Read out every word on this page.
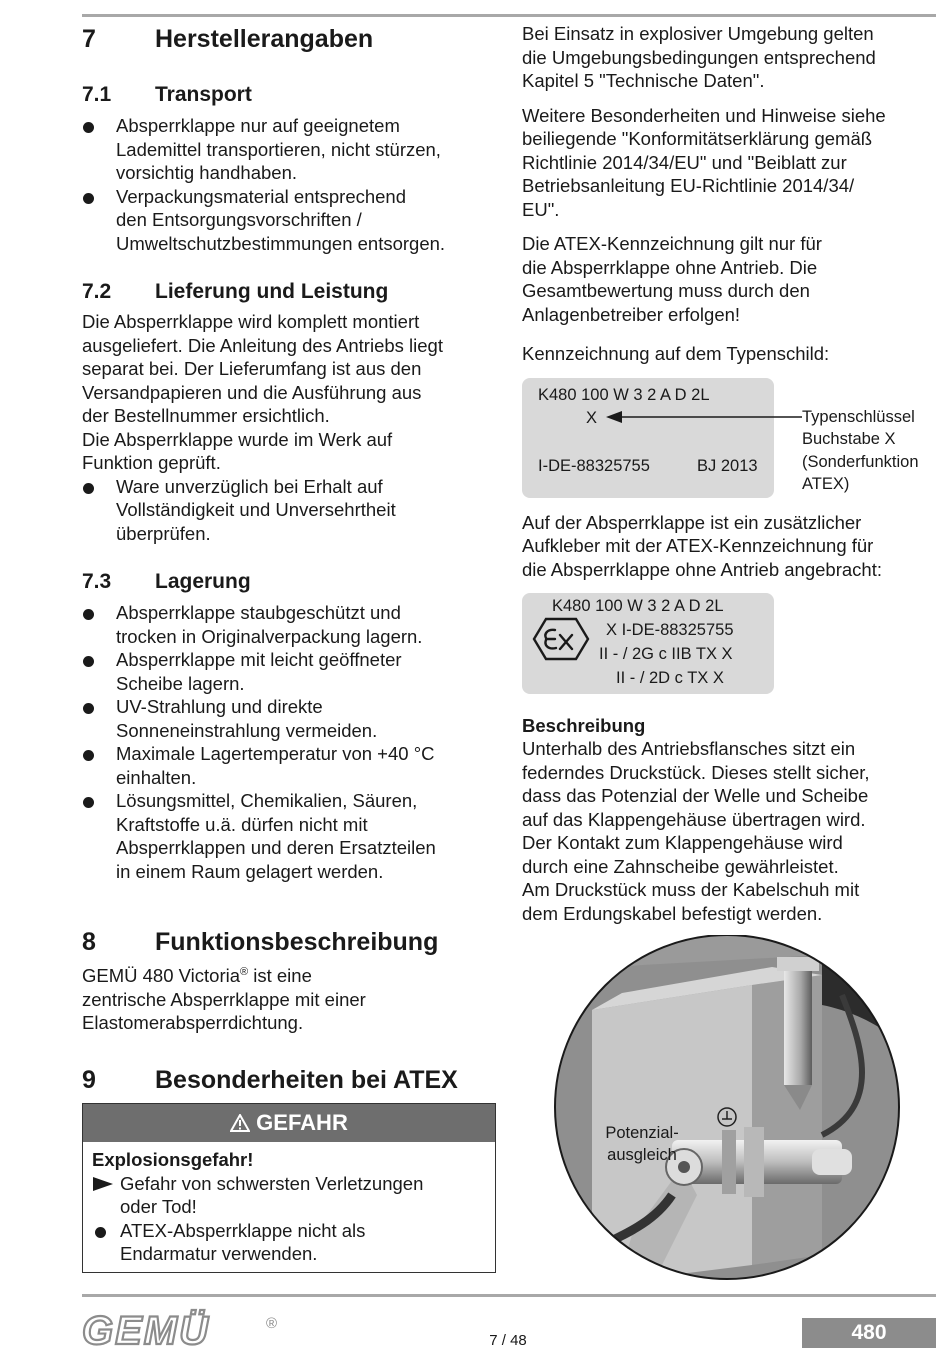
7	Herstellerangaben
7.1	Transport
Absperrklappe nur auf geeignetem
Lademittel transportieren, nicht stürzen,
vorsichtig handhaben.
Verpackungsmaterial entsprechend
den Entsorgungsvorschriften /
Umweltschutzbestimmungen entsorgen.
7.2	Lieferung und Leistung

Die Absperrklappe wird komplett montiert
ausgeliefert. Die Anleitung des Antriebs liegt
separat bei. Der Lieferumfang ist aus den
Versandpapieren und die Ausführung aus
der Bestellnummer ersichtlich.
Die Absperrklappe wurde im Werk auf
Funktion geprüft.

Ware unverzüglich bei Erhalt auf
Vollständigkeit und Unversehrtheit
überprüfen.
7.3	Lagerung
Absperrklappe staubgeschützt und
trocken in Originalverpackung lagern.
Absperrklappe mit leicht geöffneter
Scheibe lagern.
UV-Strahlung und direkte
Sonneneinstrahlung vermeiden.
Maximale Lagertemperatur von +40 °C
einhalten.
Lösungsmittel, Chemikalien, Säuren,
Kraftstoffe u.ä. dürfen nicht mit
Absperrklappen und deren Ersatzteilen
in einem Raum gelagert werden.
8	Funktionsbeschreibung

GEMÜ 480 Victoria® ist eine
zentrische Absperrklappe mit einer
Elastomerabsperrdichtung.

9	Besonderheiten bei ATEX
GEFAHR
Explosionsgefahr!
Gefahr von schwersten Verletzungen
oder Tod!
ATEX-Absperrklappe nicht als
Endarmatur verwenden.

Bei Einsatz in explosiver Umgebung gelten
die Umgebungsbedingungen entsprechend
Kapitel 5 "Technische Daten".

Weitere Besonderheiten und Hinweise siehe
beiliegende "Konformitätserklärung gemäß
Richtlinie 2014/34/EU" und "Beiblatt zur
Betriebsanleitung EU-Richtlinie 2014/34/
EU".

Die ATEX-Kennzeichnung gilt nur für
die Absperrklappe ohne Antrieb. Die
Gesamtbewertung muss durch den
Anlagenbetreiber erfolgen!

Kennzeichnung auf dem Typenschild:

K480 100 W 3 2 A D 2L
X
I-DE-88325755	BJ 2013
Typenschlüssel
Buchstabe X
(Sonderfunktion
ATEX)

Auf der Absperrklappe ist ein zusätzlicher
Aufkleber mit der ATEX-Kennzeichnung für
die Absperrklappe ohne Antrieb angebracht:

K480 100 W 3 2 A D 2L
X I-DE-88325755
II - / 2G c IIB TX X
II - / 2D c TX X
Beschreibung

Unterhalb des Antriebsflansches sitzt ein
federndes Druckstück. Dieses stellt sicher,
dass das Potenzial der Welle und Scheibe
auf das Klappengehäuse übertragen wird.
Der Kontakt zum Klappengehäuse wird
durch eine Zahnscheibe gewährleistet.
Am Druckstück muss der Kabelschuh mit
dem Erdungskabel befestigt werden.

Potenzial-
ausgleich
GEMÜ	®
7 / 48	480
